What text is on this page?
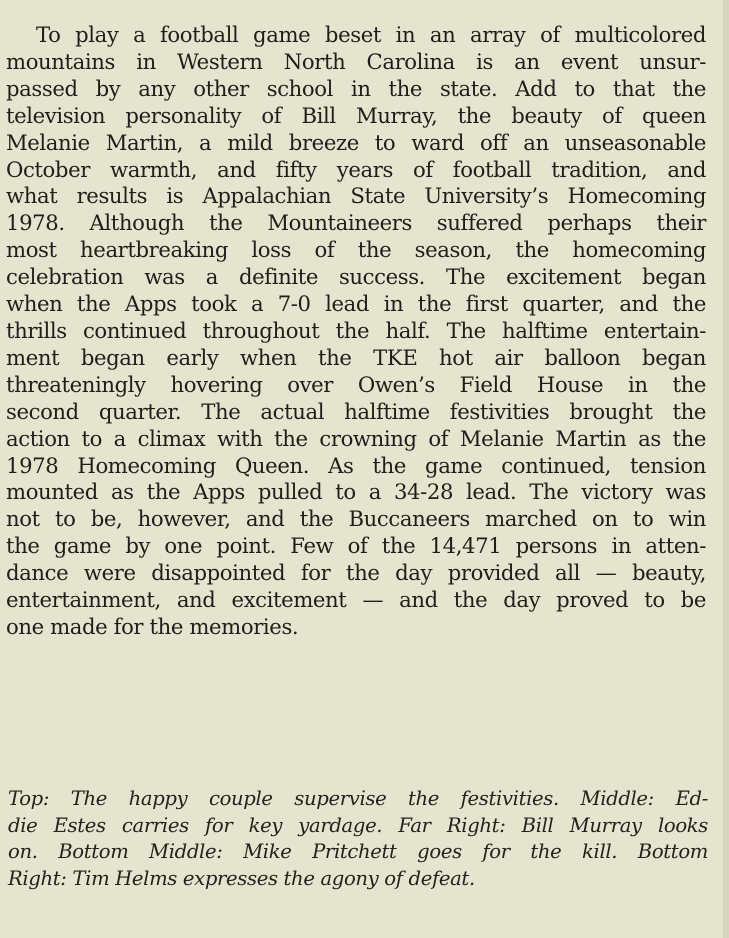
To play a football game beset in an array of multicolored
mountains in Western North Carolina is an event unsur-
passed by any other school in the state. Add to that the
television personality of Bill Murray, the beauty of queen
Melanie Martin, a mild breeze to ward off an unseasonable
October warmth, and fifty years of football tradition, and
what results is Appalachian State University’s Homecoming
1978. Although the Mountaineers suffered perhaps their
most heartbreaking loss of the season, the homecoming
celebration was a definite success. The excitement began
when the Apps took a 7-0 lead in the first quarter, and the
thrills continued throughout the half. The halftime entertain-
ment began early when the TKE hot air balloon began
threateningly hovering over Owen’s Field House in the
second quarter. The actual halftime festivities brought the
action to a climax with the crowning of Melanie Martin as the
1978 Homecoming Queen. As the game continued, tension
mounted as the Apps pulled to a 34-28 lead. The victory was
not to be, however, and the Buccaneers marched on to win
the game by one point. Few of the 14,471 persons in atten-
dance were disappointed for the day provided all — beauty,
entertainment, and excitement — and the day proved to be
one made for the memories.
Top: The happy couple supervise the festivities. Middle: Ed-
die Estes carries for key yardage. Far Right: Bill Murray looks
on. Bottom Middle: Mike Pritchett goes for the kill. Bottom
Right: Tim Helms expresses the agony of defeat.
